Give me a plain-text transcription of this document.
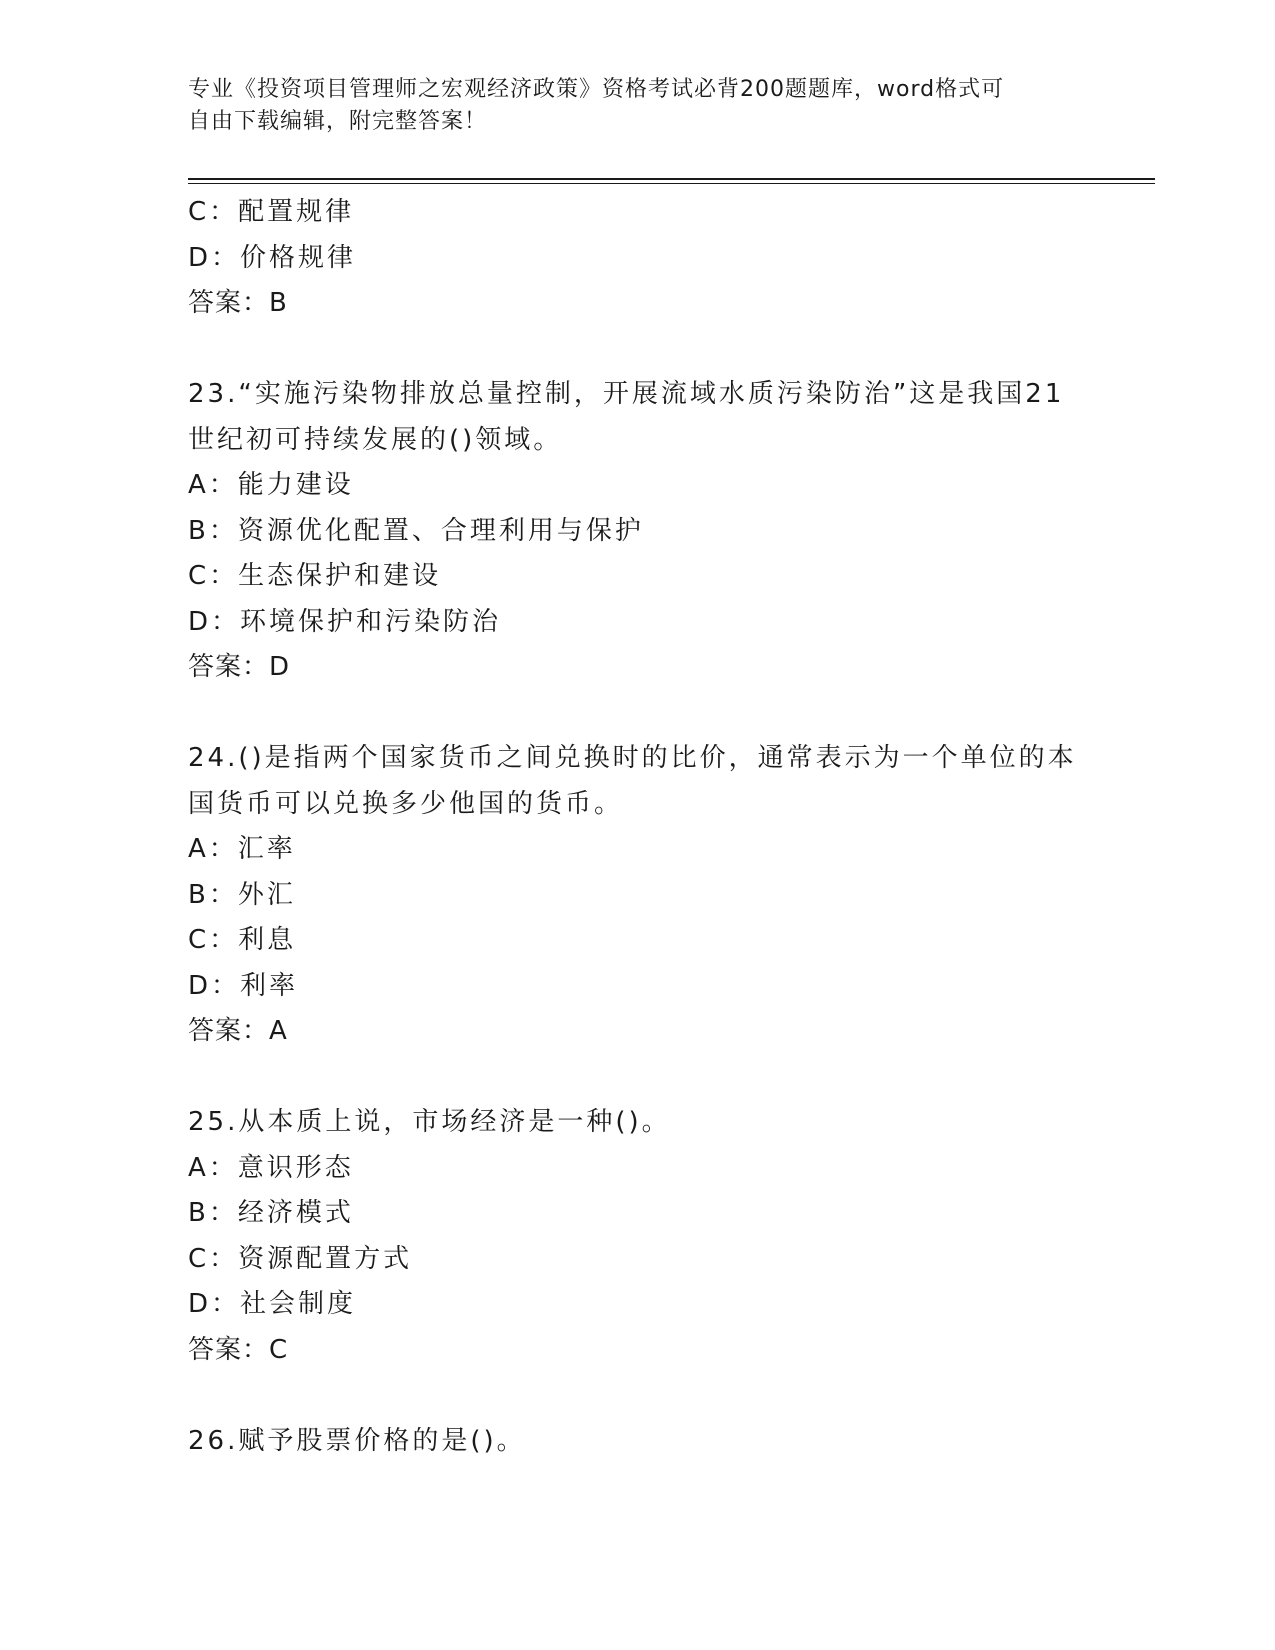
专业《投资项目管理师之宏观经济政策》资格考试必背200题题库，word格式可
自由下载编辑，附完整答案！
C：配置规律
D：价格规律
答案：B
23.“实施污染物排放总量控制，开展流域水质污染防治”这是我国21
世纪初可持续发展的()领域。
A：能力建设
B：资源优化配置、合理利用与保护
C：生态保护和建设
D：环境保护和污染防治
答案：D
24.()是指两个国家货币之间兑换时的比价，通常表示为一个单位的本
国货币可以兑换多少他国的货币。
A：汇率
B：外汇
C：利息
D：利率
答案：A
25.从本质上说，市场经济是一种()。
A：意识形态
B：经济模式
C：资源配置方式
D：社会制度
答案：C
26.赋予股票价格的是()。
